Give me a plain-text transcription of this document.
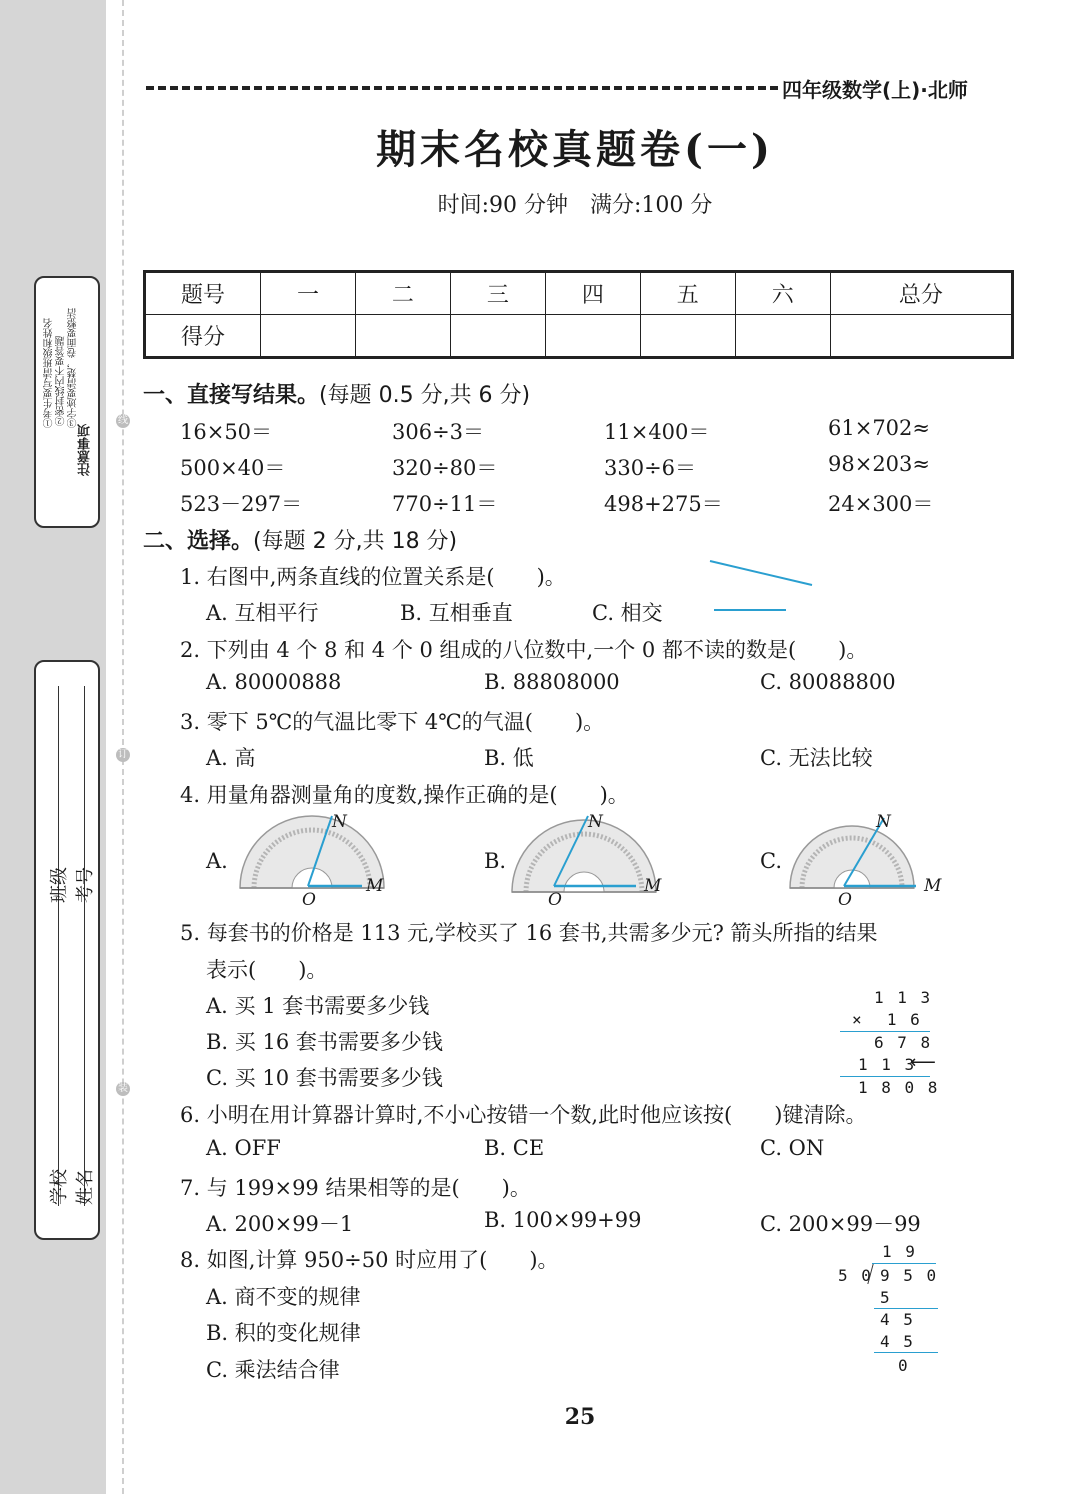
注意事项
①考生要写清班级和姓名 ②密封线内不要答题 ③字迹要清楚，卷面要整洁
班级 考号
学校 姓名
线
订
装
四年级数学(上)·北师
期末名校真题卷(一)
时间:90 分钟　满分:100 分
题号	一	二	三	四	五	六	总分
得分							
一、直接写结果。(每题 0.5 分,共 6 分)
16×50＝	306÷3＝	11×400＝	61×702≈
500×40＝	320÷80＝	330÷6＝	98×203≈
523－297＝	770÷11＝	498+275＝	24×300＝
二、选择。(每题 2 分,共 18 分)
1. 右图中,两条直线的位置关系是(　　)。
A. 互相平行	B. 互相垂直	C. 相交
2. 下列由 4 个 8 和 4 个 0 组成的八位数中,一个 0 都不读的数是(　　)。
A. 80000888	B. 88808000	C. 80088800
3. 零下 5℃的气温比零下 4℃的气温(　　)。
A. 高	B. 低	C. 无法比较
4. 用量角器测量角的度数,操作正确的是(　　)。
A.	B.	C.
N
M
O
N
M
O
N
M
O
5. 每套书的价格是 113 元,学校买了 16 套书,共需多少元? 箭头所指的结果
表示(　　)。
A. 买 1 套书需要多少钱
B. 买 16 套书需要多少钱
C. 买 10 套书需要多少钱
1 1 3
×  1 6
6 7 8
1 1 3
⟵
1 8 0 8
6. 小明在用计算器计算时,不小心按错一个数,此时他应该按(　　)键清除。
A. OFF	B. CE	C. ON
7. 与 199×99 结果相等的是(　　)。
A. 200×99－1	B. 100×99+99	C. 200×99－99
8. 如图,计算 950÷50 时应用了(　　)。
A. 商不变的规律
B. 积的变化规律
C. 乘法结合律
1 9
5 0 9 5 0
5
4 5
4 5
0
25
